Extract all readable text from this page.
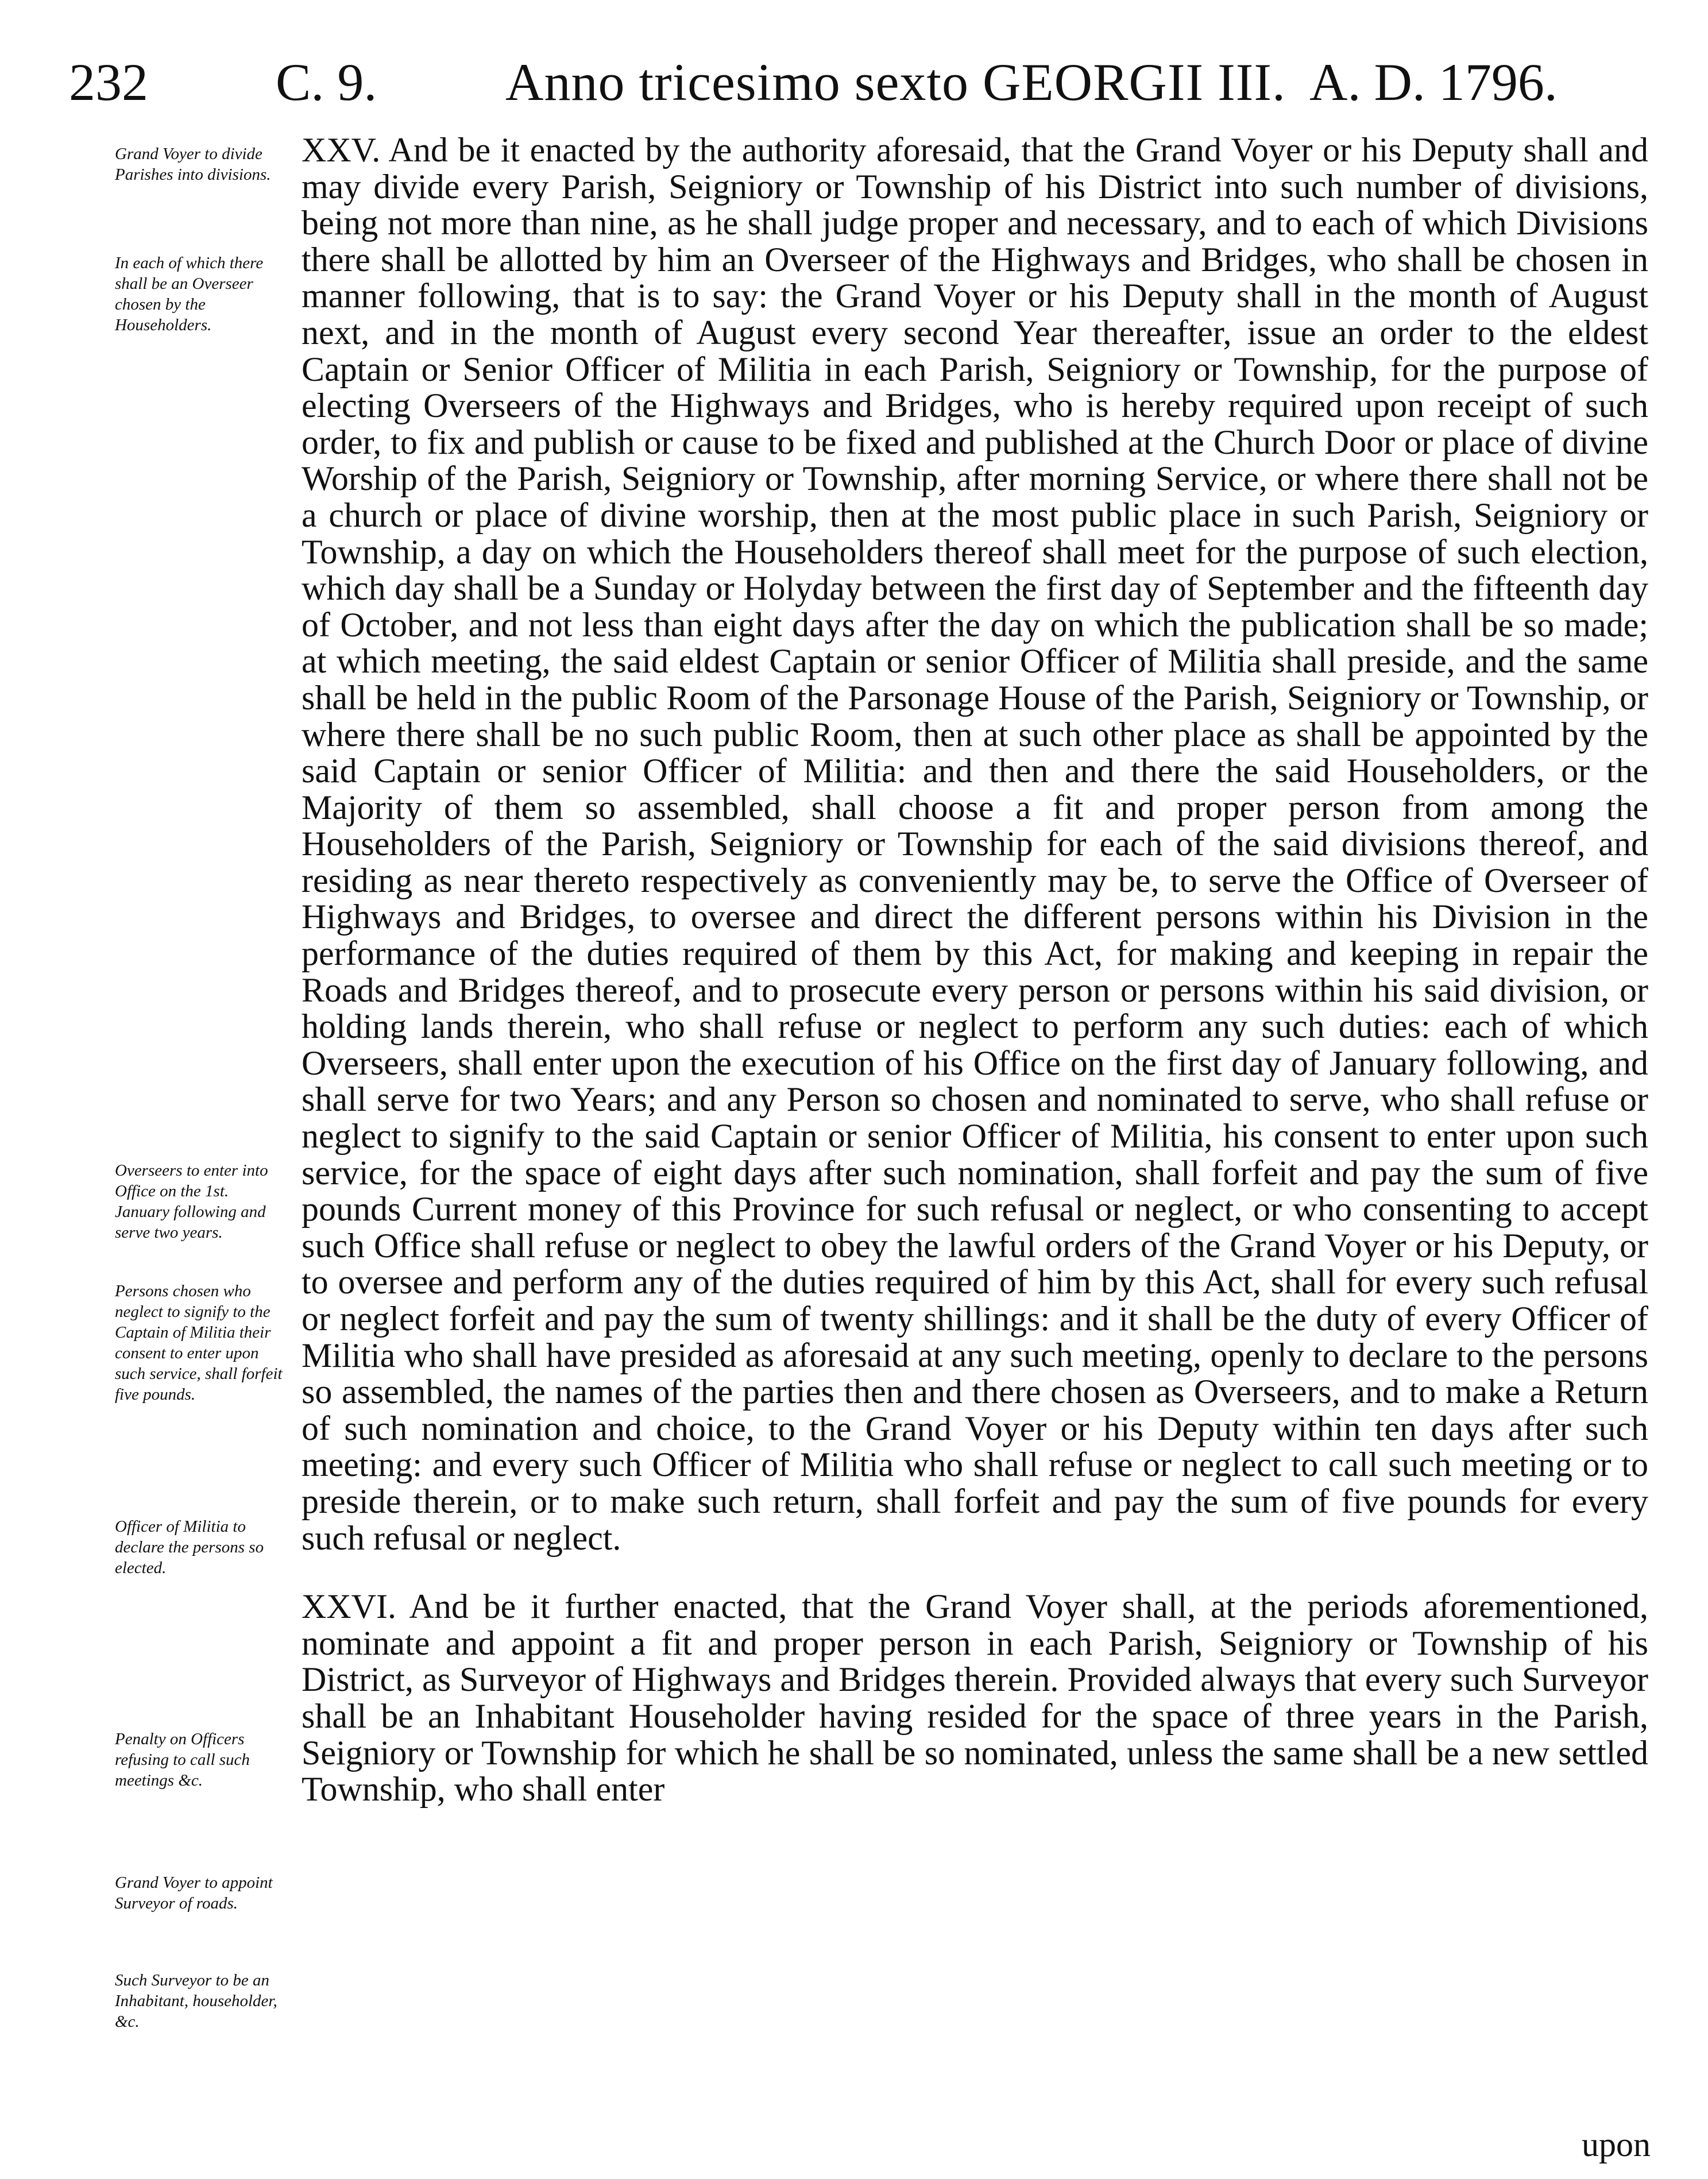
232 C. 9. Anno tricesimo sexto GEORGII III. A. D. 1796.
Grand Voyer to divide Parishes into divisions.
In each of which there shall be an Overseer chosen by the Householders.
Overseers to enter into Office on the 1st. January following and serve two years.
Persons chosen who neglect to signify to the Captain of Militia their consent to enter upon such service, shall forfeit five pounds.
Officer of Militia to declare the persons so elected.
Penalty on Officers refusing to call such meetings &c.
Grand Voyer to appoint Surveyor of roads.
Such Surveyor to be an Inhabitant, householder, &c.

XXV. And be it enacted by the authority aforesaid, that the Grand Voyer or his Deputy shall and may divide every Parish, Seigniory or Township of his District into such number of divisions, being not more than nine, as he shall judge proper and necessary, and to each of which Divisions there shall be allotted by him an Overseer of the Highways and Bridges, who shall be chosen in manner following, that is to say: the Grand Voyer or his Deputy shall in the month of August next, and in the month of August every second Year thereafter, issue an order to the eldest Captain or Senior Officer of Militia in each Parish, Seigniory or Township, for the purpose of electing Overseers of the Highways and Bridges, who is hereby required upon receipt of such order, to fix and publish or cause to be fixed and published at the Church Door or place of divine Worship of the Parish, Seigniory or Township, after morning Service, or where there shall not be a church or place of divine worship, then at the most public place in such Parish, Seigniory or Township, a day on which the Householders thereof shall meet for the purpose of such election, which day shall be a Sunday or Holyday between the first day of September and the fifteenth day of October, and not less than eight days after the day on which the publication shall be so made; at which meeting, the said eldest Captain or senior Officer of Militia shall preside, and the same shall be held in the public Room of the Parsonage House of the Parish, Seigniory or Township, or where there shall be no such public Room, then at such other place as shall be appointed by the said Captain or senior Officer of Militia: and then and there the said Householders, or the Majority of them so assembled, shall choose a fit and proper person from among the Householders of the Parish, Seigniory or Township for each of the said divisions thereof, and residing as near thereto respectively as conveniently may be, to serve the Office of Overseer of Highways and Bridges, to oversee and direct the different persons within his Division in the performance of the duties required of them by this Act, for making and keeping in repair the Roads and Bridges thereof, and to prosecute every person or persons within his said division, or holding lands therein, who shall refuse or neglect to perform any such duties: each of which Overseers, shall enter upon the execution of his Office on the first day of January following, and shall serve for two Years; and any Person so chosen and nominated to serve, who shall refuse or neglect to signify to the said Captain or senior Officer of Militia, his consent to enter upon such service, for the space of eight days after such nomination, shall forfeit and pay the sum of five pounds Current money of this Province for such refusal or neglect, or who consenting to accept such Office shall refuse or neglect to obey the lawful orders of the Grand Voyer or his Deputy, or to oversee and perform any of the duties required of him by this Act, shall for every such refusal or neglect forfeit and pay the sum of twenty shillings: and it shall be the duty of every Officer of Militia who shall have presided as aforesaid at any such meeting, openly to declare to the persons so assembled, the names of the parties then and there chosen as Overseers, and to make a Return of such nomination and choice, to the Grand Voyer or his Deputy within ten days after such meeting: and every such Officer of Militia who shall refuse or neglect to call such meeting or to preside therein, or to make such return, shall forfeit and pay the sum of five pounds for every such refusal or neglect.

XXVI. And be it further enacted, that the Grand Voyer shall, at the periods aforementioned, nominate and appoint a fit and proper person in each Parish, Seigniory or Township of his District, as Surveyor of Highways and Bridges therein. Provided always that every such Surveyor shall be an Inhabitant Householder having resided for the space of three years in the Parish, Seigniory or Township for which he shall be so nominated, unless the same shall be a new settled Township, who shall enter

upon
